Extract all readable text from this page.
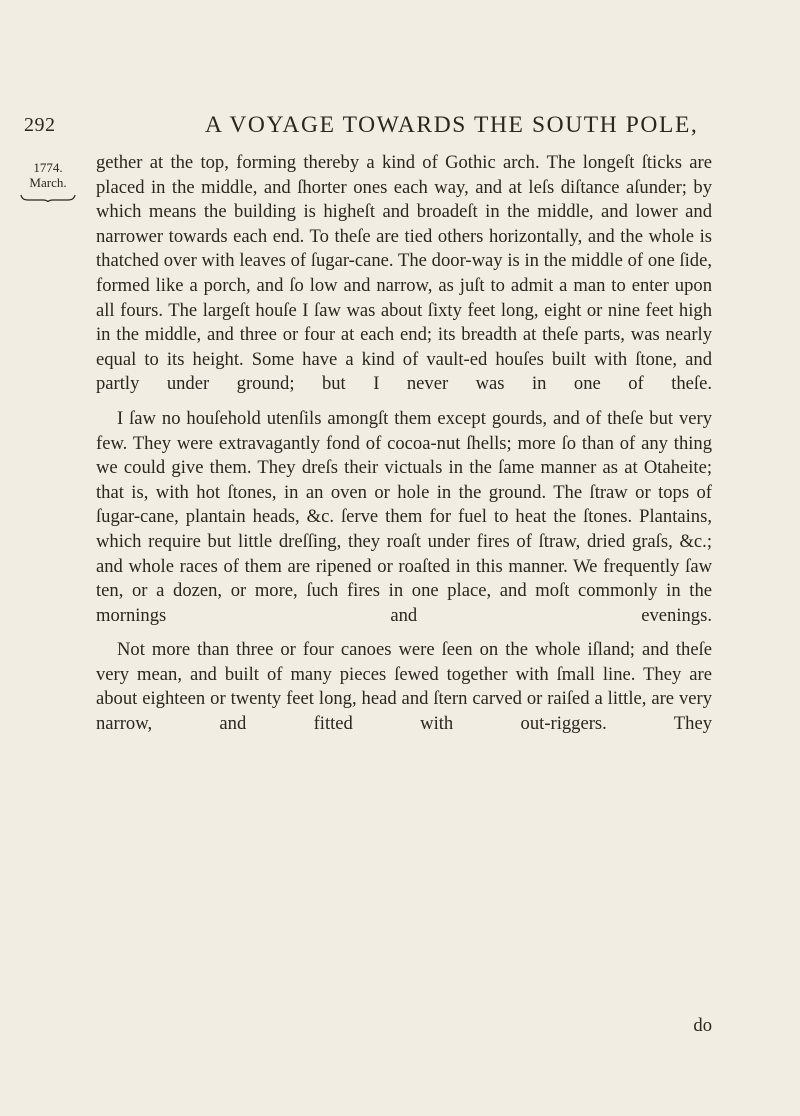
292	A VOYAGE TOWARDS THE SOUTH POLE,
1774.
March.

gether at the top, forming thereby a kind of Gothic arch. The longeſt ſticks are placed in the middle, and ſhorter ones each way, and at leſs diſtance aſunder; by which means the building is higheſt and broadeſt in the middle, and lower and narrower towards each end. To theſe are tied others horizontally, and the whole is thatched over with leaves of ſugar-cane. The door-way is in the middle of one ſide, formed like a porch, and ſo low and narrow, as juſt to admit a man to enter upon all fours. The largeſt houſe I ſaw was about ſixty feet long, eight or nine feet high in the middle, and three or four at each end; its breadth at theſe parts, was nearly equal to its height. Some have a kind of vault-ed houſes built with ſtone, and partly under ground; but I never was in one of theſe.

I ſaw no houſehold utenſils amongſt them except gourds, and of theſe but very few. They were extravagantly fond of cocoa-nut ſhells; more ſo than of any thing we could give them. They dreſs their victuals in the ſame manner as at Otaheite; that is, with hot ſtones, in an oven or hole in the ground. The ſtraw or tops of ſugar-cane, plantain heads, &c. ſerve them for fuel to heat the ſtones. Plantains, which require but little dreſſing, they roaſt under fires of ſtraw, dried graſs, &c.; and whole races of them are ripened or roaſted in this manner. We frequently ſaw ten, or a dozen, or more, ſuch fires in one place, and moſt commonly in the mornings and evenings.

Not more than three or four canoes were ſeen on the whole iſland; and theſe very mean, and built of many pieces ſewed together with ſmall line. They are about eighteen or twenty feet long, head and ſtern carved or raiſed a little, are very narrow, and fitted with out-riggers. They

do
